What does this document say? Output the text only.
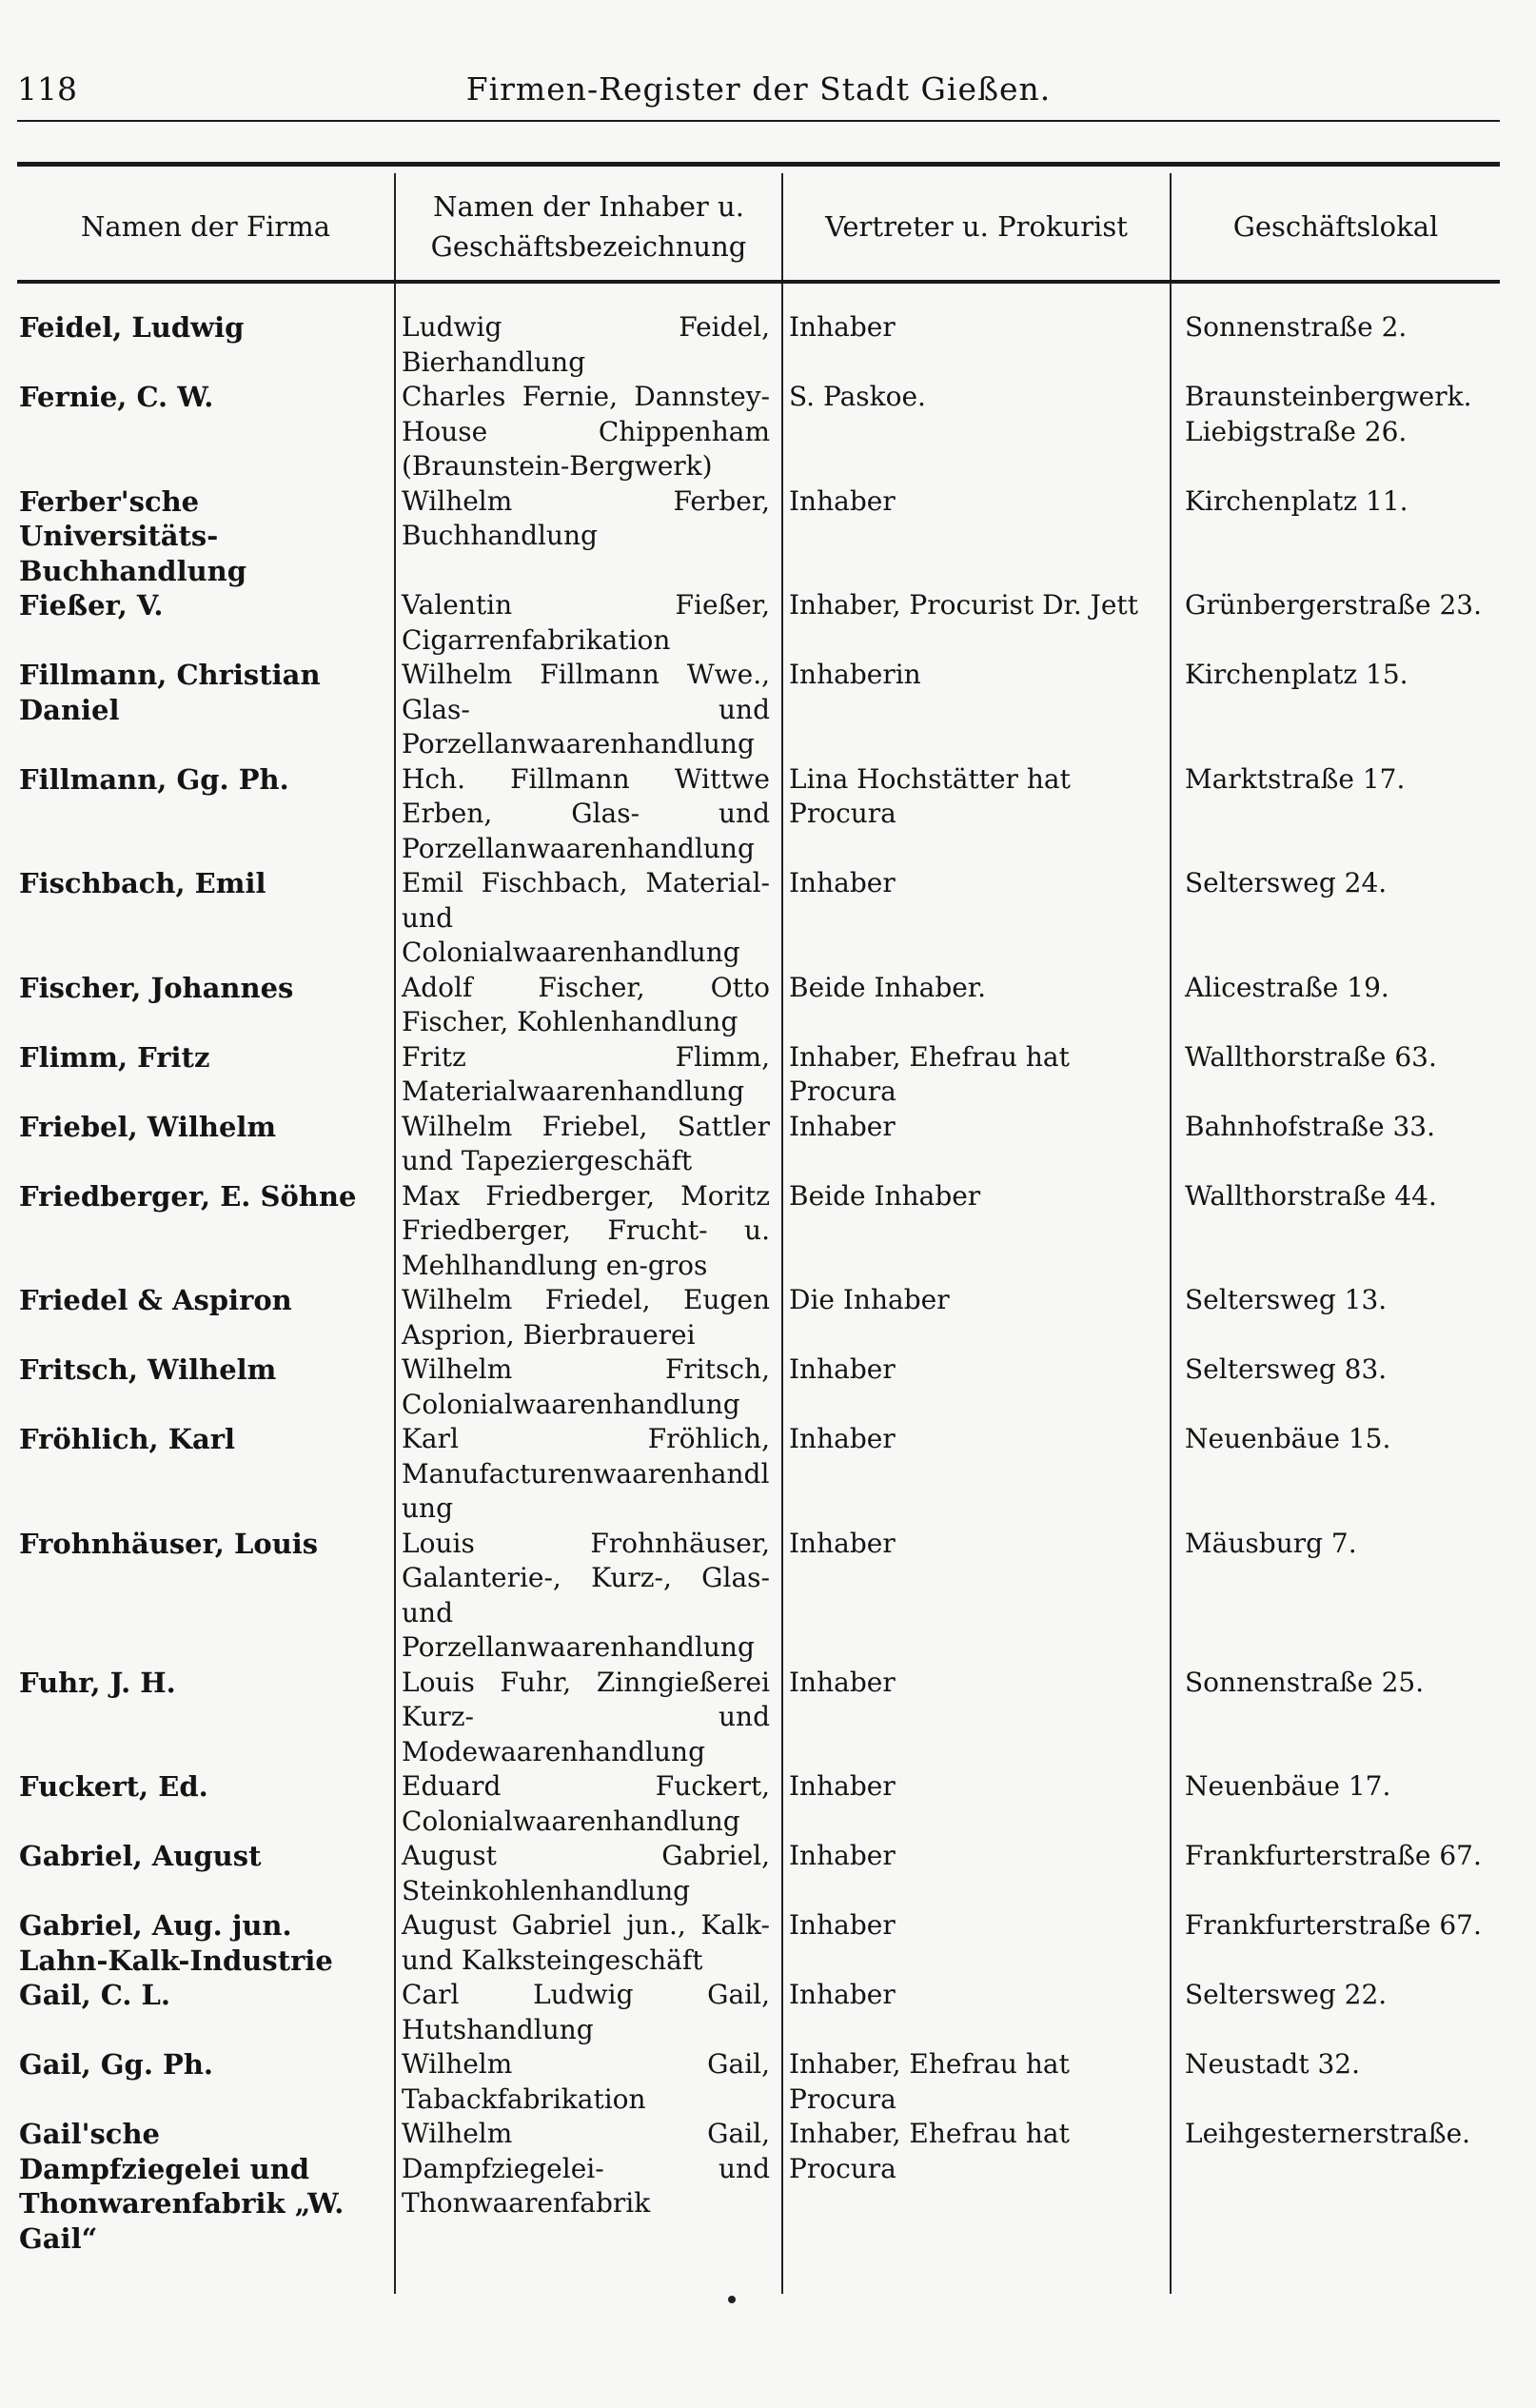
118	Firmen-Register der Stadt Gießen.
Namen der Firma	Namen der Inhaber u. Geschäftsbezeichnung	Vertreter u. Prokurist	Geschäftslokal
Feidel, Ludwig	Ludwig Feidel, Bierhandlung	Inhaber	Sonnenstraße 2.
Fernie, C. W.	Charles Fernie, Dannstey-House Chippenham (Braunstein-Bergwerk)	S. Paskoe.	Braunsteinbergwerk. Liebigstraße 26.
Ferber'sche Universitäts-Buchhandlung	Wilhelm Ferber, Buchhandlung	Inhaber	Kirchenplatz 11.
Fießer, V.	Valentin Fießer, Cigarrenfabrikation	Inhaber, Procurist Dr. Jett	Grünbergerstraße 23.
Fillmann, Christian Daniel	Wilhelm Fillmann Wwe., Glas- und Porzellanwaarenhandlung	Inhaberin	Kirchenplatz 15.
Fillmann, Gg. Ph.	Hch. Fillmann Wittwe Erben, Glas- und Porzellanwaarenhandlung	Lina Hochstätter hat Procura	Marktstraße 17.
Fischbach, Emil	Emil Fischbach, Material- und Colonialwaarenhandlung	Inhaber	Seltersweg 24.
Fischer, Johannes	Adolf Fischer, Otto Fischer, Kohlenhandlung	Beide Inhaber.	Alicestraße 19.
Flimm, Fritz	Fritz Flimm, Materialwaarenhandlung	Inhaber, Ehefrau hat Procura	Wallthorstraße 63.
Friebel, Wilhelm	Wilhelm Friebel, Sattler und Tapeziergeschäft	Inhaber	Bahnhofstraße 33.
Friedberger, E. Söhne	Max Friedberger, Moritz Friedberger, Frucht- u. Mehlhandlung en-gros	Beide Inhaber	Wallthorstraße 44.
Friedel & Aspiron	Wilhelm Friedel, Eugen Asprion, Bierbrauerei	Die Inhaber	Seltersweg 13.
Fritsch, Wilhelm	Wilhelm Fritsch, Colonialwaarenhandlung	Inhaber	Seltersweg 83.
Fröhlich, Karl	Karl Fröhlich, Manufacturenwaarenhandlung	Inhaber	Neuenbäue 15.
Frohnhäuser, Louis	Louis Frohnhäuser, Galanterie-, Kurz-, Glas- und Porzellanwaarenhandlung	Inhaber	Mäusburg 7.
Fuhr, J. H.	Louis Fuhr, Zinngießerei Kurz- und Modewaarenhandlung	Inhaber	Sonnenstraße 25.
Fuckert, Ed.	Eduard Fuckert, Colonialwaarenhandlung	Inhaber	Neuenbäue 17.
Gabriel, August	August Gabriel, Steinkohlenhandlung	Inhaber	Frankfurterstraße 67.
Gabriel, Aug. jun. Lahn-Kalk-Industrie	August Gabriel jun., Kalk- und Kalksteingeschäft	Inhaber	Frankfurterstraße 67.
Gail, C. L.	Carl Ludwig Gail, Hutshandlung	Inhaber	Seltersweg 22.
Gail, Gg. Ph.	Wilhelm Gail, Tabackfabrikation	Inhaber, Ehefrau hat Procura	Neustadt 32.
Gail'sche Dampfziegelei und Thonwarenfabrik „W. Gail“	Wilhelm Gail, Dampfziegelei- und Thonwaarenfabrik	Inhaber, Ehefrau hat Procura	Leihgesternerstraße.
